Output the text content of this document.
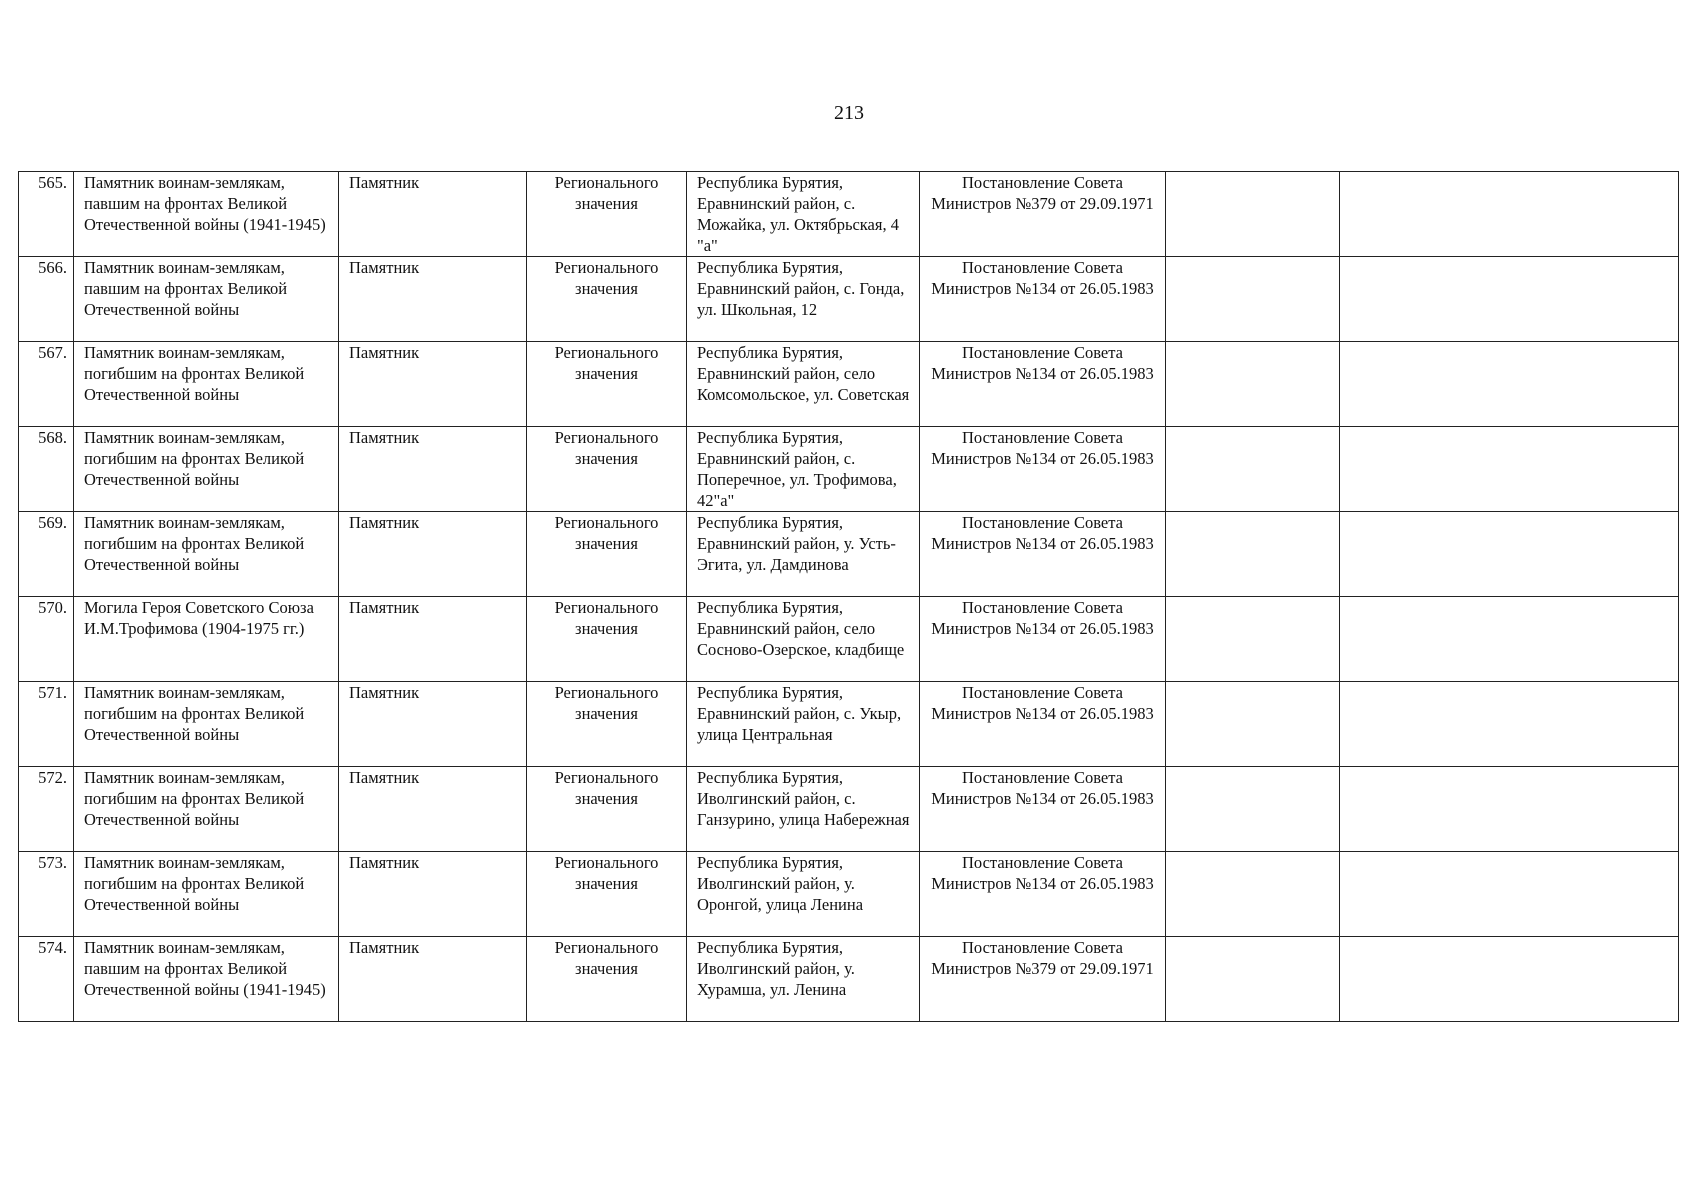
213
565.	Памятник воинам-землякам, павшим на фронтах Великой Отечественной войны (1941-1945)	Памятник	Регионального значения	Республика Бурятия, Еравнинский район, с. Можайка, ул. Октябрьская, 4 "а"	Постановление Совета Министров №379 от 29.09.1971		
566.	Памятник воинам-землякам, павшим на фронтах Великой Отечественной войны	Памятник	Регионального значения	Республика Бурятия, Еравнинский район, с. Гонда, ул. Школьная, 12	Постановление Совета Министров №134 от 26.05.1983		
567.	Памятник воинам-землякам, погибшим на фронтах Великой Отечественной войны	Памятник	Регионального значения	Республика Бурятия, Еравнинский район, село Комсомольское, ул. Советская	Постановление Совета Министров №134 от 26.05.1983		
568.	Памятник воинам-землякам, погибшим на фронтах Великой Отечественной войны	Памятник	Регионального значения	Республика Бурятия, Еравнинский район, с. Поперечное, ул. Трофимова, 42"а"	Постановление Совета Министров №134 от 26.05.1983		
569.	Памятник воинам-землякам, погибшим на фронтах Великой Отечественной войны	Памятник	Регионального значения	Республика Бурятия, Еравнинский район, у. Усть-Эгита, ул. Дамдинова	Постановление Совета Министров №134 от 26.05.1983		
570.	Могила Героя Советского Союза И.М.Трофимова (1904-1975 гг.)	Памятник	Регионального значения	Республика Бурятия, Еравнинский район, село Сосново-Озерское, кладбище	Постановление Совета Министров №134 от 26.05.1983		
571.	Памятник воинам-землякам, погибшим на фронтах Великой Отечественной войны	Памятник	Регионального значения	Республика Бурятия, Еравнинский район, с. Укыр, улица Центральная	Постановление Совета Министров №134 от 26.05.1983		
572.	Памятник воинам-землякам, погибшим на фронтах Великой Отечественной войны	Памятник	Регионального значения	Республика Бурятия, Иволгинский район, с. Ганзурино, улица Набережная	Постановление Совета Министров №134 от 26.05.1983		
573.	Памятник воинам-землякам, погибшим на фронтах Великой Отечественной войны	Памятник	Регионального значения	Республика Бурятия, Иволгинский район, у. Оронгой, улица Ленина	Постановление Совета Министров №134 от 26.05.1983		
574.	Памятник воинам-землякам, павшим на фронтах Великой Отечественной войны (1941-1945)	Памятник	Регионального значения	Республика Бурятия, Иволгинский район, у. Хурамша, ул. Ленина	Постановление Совета Министров №379 от 29.09.1971		
